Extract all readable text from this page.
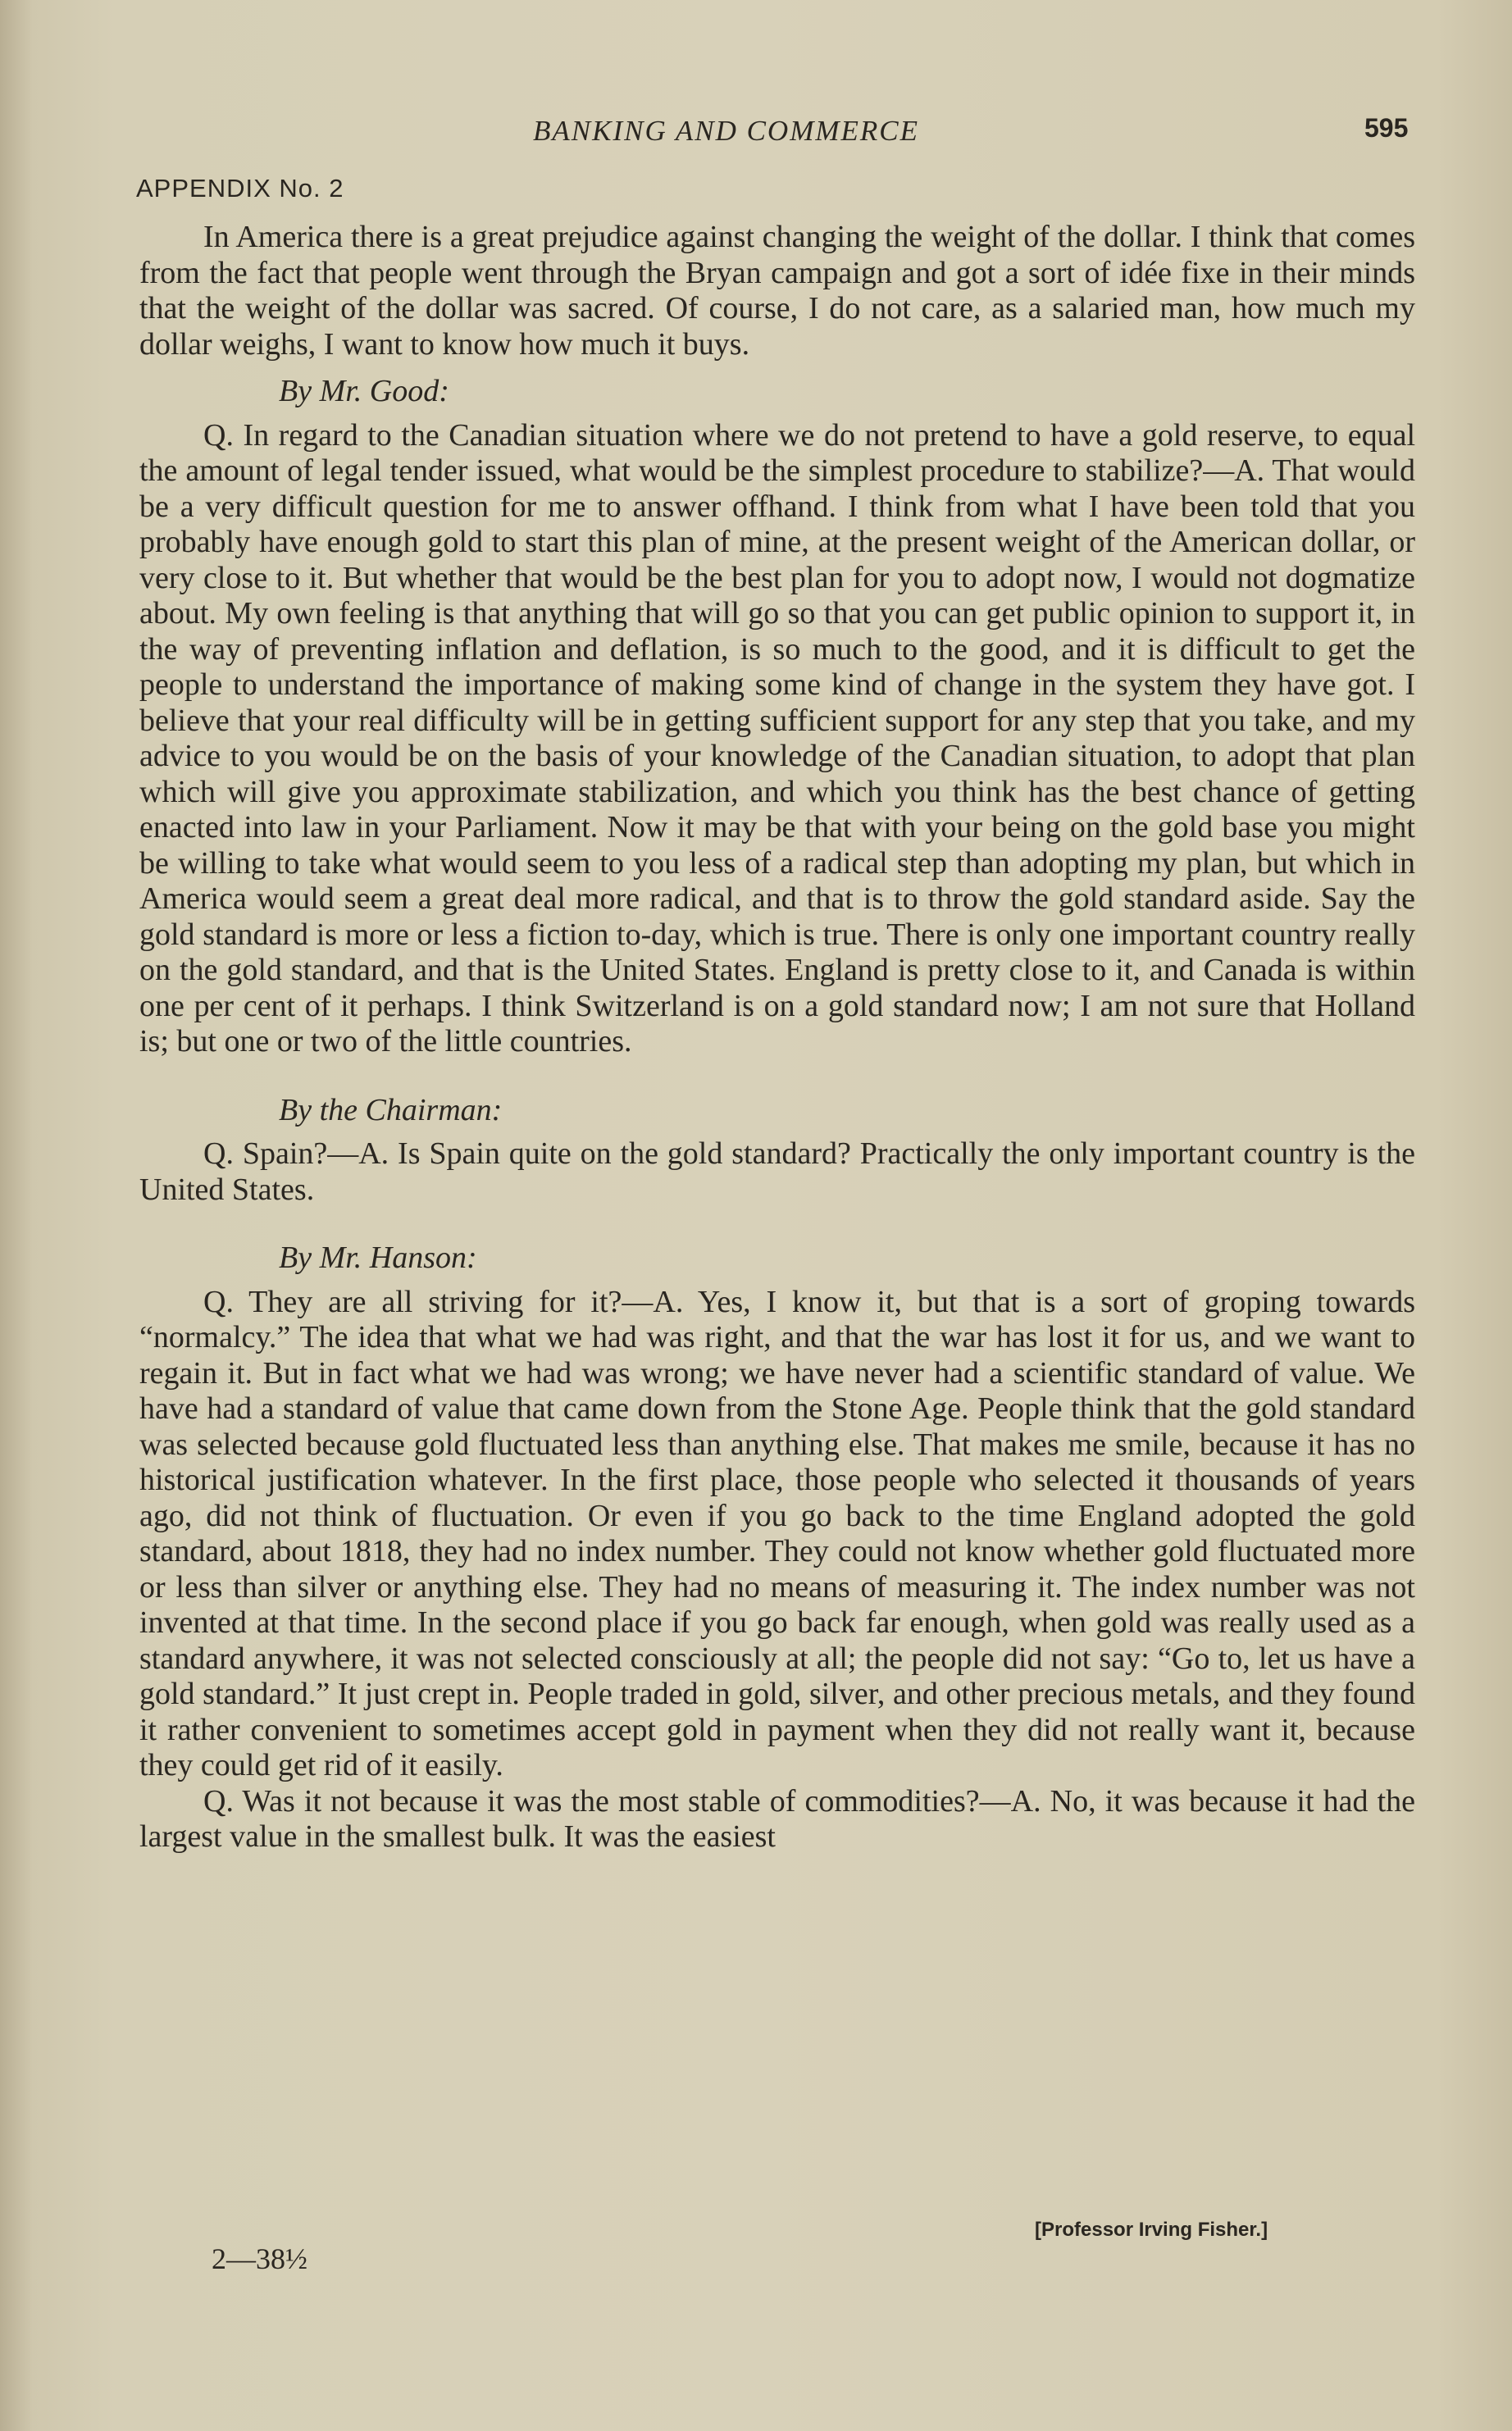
BANKING AND COMMERCE	595
APPENDIX No. 2

In America there is a great prejudice against changing the weight of the dollar. I think that comes from the fact that people went through the Bryan campaign and got a sort of idée fixe in their minds that the weight of the dollar was sacred. Of course, I do not care, as a salaried man, how much my dollar weighs, I want to know how much it buys.

By Mr. Good:

Q. In regard to the Canadian situation where we do not pretend to have a gold reserve, to equal the amount of legal tender issued, what would be the simplest procedure to stabilize?—A. That would be a very difficult question for me to answer offhand. I think from what I have been told that you probably have enough gold to start this plan of mine, at the present weight of the American dollar, or very close to it. But whether that would be the best plan for you to adopt now, I would not dogmatize about. My own feeling is that anything that will go so that you can get public opinion to support it, in the way of preventing inflation and deflation, is so much to the good, and it is difficult to get the people to understand the importance of making some kind of change in the system they have got. I believe that your real difficulty will be in getting sufficient support for any step that you take, and my advice to you would be on the basis of your knowledge of the Canadian situation, to adopt that plan which will give you approximate stabilization, and which you think has the best chance of getting enacted into law in your Parliament. Now it may be that with your being on the gold base you might be willing to take what would seem to you less of a radical step than adopting my plan, but which in America would seem a great deal more radical, and that is to throw the gold standard aside. Say the gold standard is more or less a fiction to-day, which is true. There is only one important country really on the gold standard, and that is the United States. England is pretty close to it, and Canada is within one per cent of it perhaps. I think Switzerland is on a gold standard now; I am not sure that Holland is; but one or two of the little countries.

By the Chairman:

Q. Spain?—A. Is Spain quite on the gold standard? Practically the only important country is the United States.

By Mr. Hanson:

Q. They are all striving for it?—A. Yes, I know it, but that is a sort of groping towards “normalcy.” The idea that what we had was right, and that the war has lost it for us, and we want to regain it. But in fact what we had was wrong; we have never had a scientific standard of value. We have had a standard of value that came down from the Stone Age. People think that the gold standard was selected because gold fluctuated less than anything else. That makes me smile, because it has no historical justification whatever. In the first place, those people who selected it thousands of years ago, did not think of fluctuation. Or even if you go back to the time England adopted the gold standard, about 1818, they had no index number. They could not know whether gold fluctuated more or less than silver or anything else. They had no means of measuring it. The index number was not invented at that time. In the second place if you go back far enough, when gold was really used as a standard anywhere, it was not selected consciously at all; the people did not say: “Go to, let us have a gold standard.” It just crept in. People traded in gold, silver, and other precious metals, and they found it rather convenient to sometimes accept gold in payment when they did not really want it, because they could get rid of it easily.

Q. Was it not because it was the most stable of commodities?—A. No, it was because it had the largest value in the smallest bulk. It was the easiest

[Professor Irving Fisher.]
2—38½
